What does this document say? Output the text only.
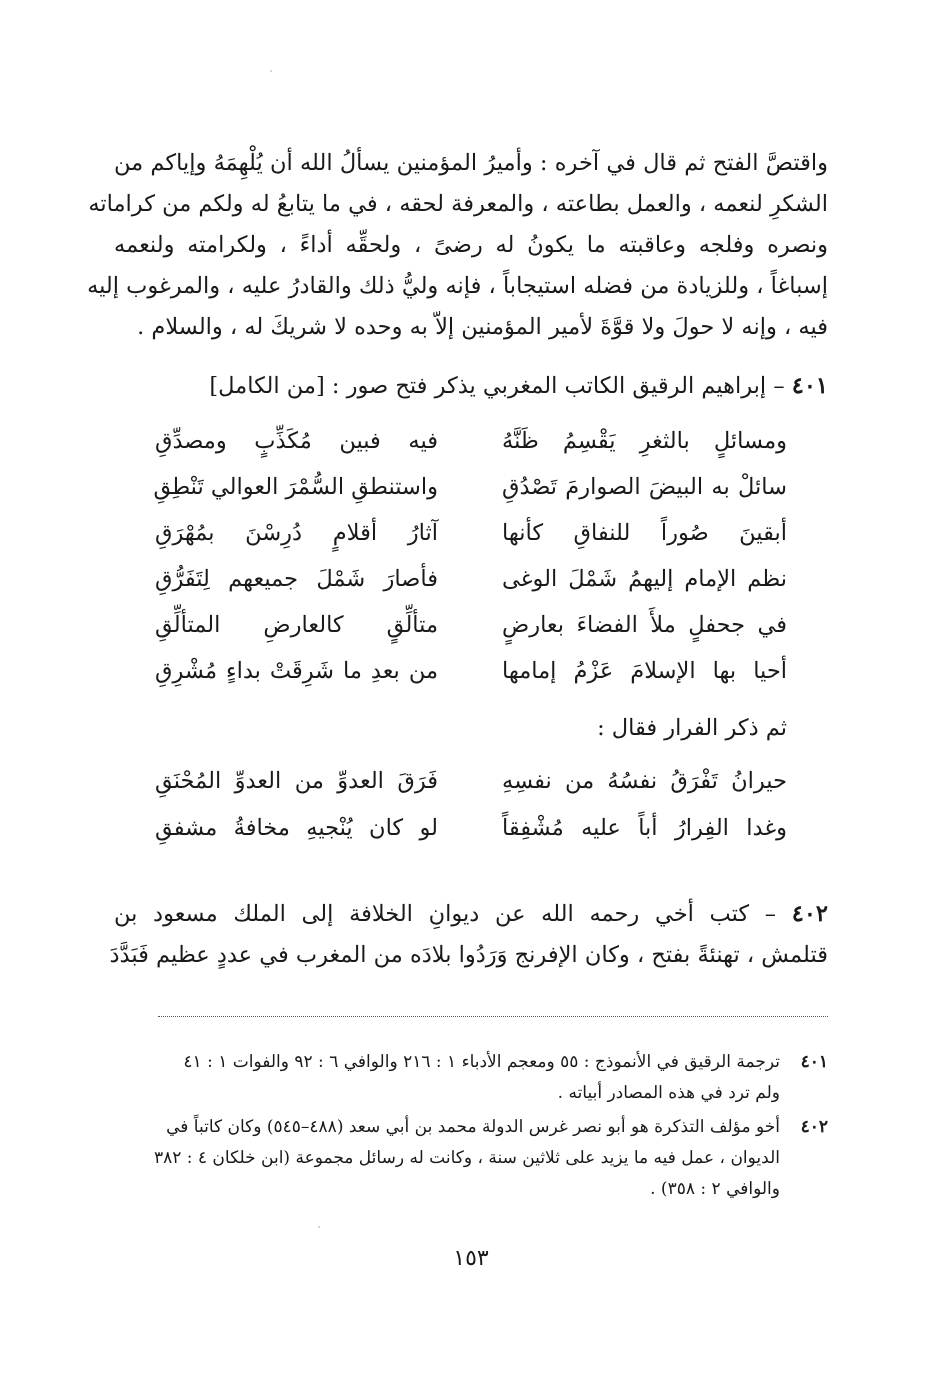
واقتصَّ الفتح ثم قال في آخره : وأميرُ المؤمنين يسألُ الله أن يُلْهِمَهُ وإياكم من
الشكرِ لنعمه ، والعمل بطاعته ، والمعرفة لحقه ، في ما يتابعُ له ولكم من كراماته
ونصره وفلجه وعاقبته ما يكونُ له رضىً ، ولحقِّه أداءً ، ولكرامته ولنعمه
إسباغاً ، وللزيادة من فضله استيجاباً ، فإنه وليُّ ذلك والقادرُ عليه ، والمرغوب إليه
فيه ، وإنه لا حولَ ولا قوَّةَ لأمير المؤمنين إلاّ به وحده لا شريكَ له ، والسلام .
٤٠١ – إبراهيم الرقيق الكاتب المغربي يذكر فتح صور : [من الكامل]
ومسائلٍ بالثغرِ يَقْسِمُ ظَنَّهُ
فيه فبين مُكَذِّبٍ ومصدِّقِ
سائلْ به البيضَ الصوارمَ تَصْدُقِ
واستنطقِ السُّمْرَ العوالي تَنْطِقِ
أبقينَ صُوراً للنفاقِ كأنها
آثارُ أقلامٍ دُرِسْنَ بمُهْرَقِ
نظم الإمام إليهمُ شَمْلَ الوغى
فأصارَ شَمْلَ جميعهم لِتَفَرُّقِ
في جحفلٍ ملأَ الفضاءَ بعارضٍ
متألِّقٍ كالعارضِ المتألِّقِ
أحيا بها الإسلامَ عَزْمُ إمامها
من بعدِ ما شَرِقَتْ بداءٍ مُشْرِقِ
ثم ذكر الفرار فقال :
حيرانُ تَفْرَقُ نفسُهُ من نفسِهِ
فَرَقَ العدوِّ من العدوِّ المُحْنَقِ
وغدا الفِرارُ أباً عليه مُشْفِقاً
لو كان يُنْجيهِ مخافةُ مشفقِ
٤٠٢ – كتب أخي رحمه الله عن ديوانِ الخلافة إلى الملك مسعود بن
قتلمش ، تهنئةً بفتح ، وكان الإفرنج وَرَدُوا بلادَه من المغرب في عددٍ عظيم فَبَدَّدَ
٤٠١
ترجمة الرقيق في الأنموذج : ٥٥ ومعجم الأدباء ١ : ٢١٦ والوافي ٦ : ٩٢ والفوات ١ : ٤١
ولم ترد في هذه المصادر أبياته .
٤٠٢
أخو مؤلف التذكرة هو أبو نصر غرس الدولة محمد بن أبي سعد (٤٨٨–٥٤٥) وكان كاتباً في
الديوان ، عمل فيه ما يزيد على ثلاثين سنة ، وكانت له رسائل مجموعة (ابن خلكان ٤ : ٣٨٢
والوافي ٢ : ٣٥٨) .
١٥٣
